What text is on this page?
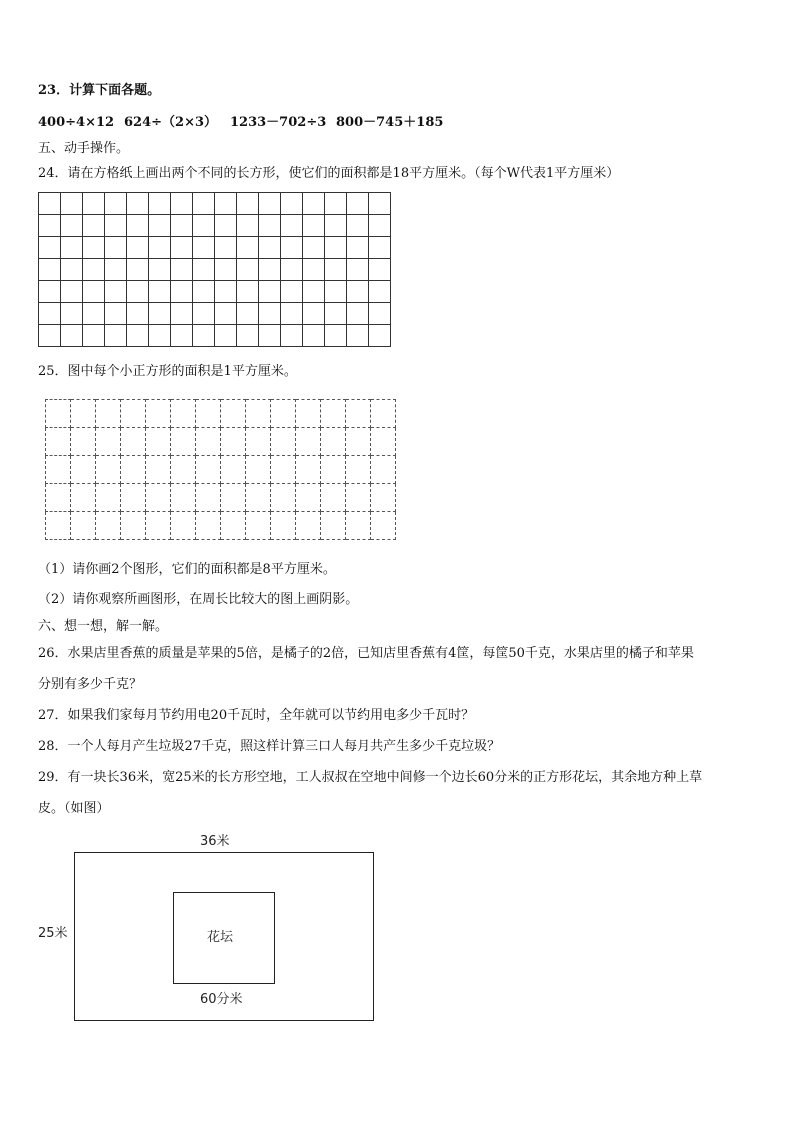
23．计算下面各题。
400÷4×12 624÷（2×3） 1233－702÷3 800－745＋185
五、动手操作。
24．请在方格纸上画出两个不同的长方形，使它们的面积都是18平方厘米。（每个W代表1平方厘米）

25．图中每个小正方形的面积是1平方厘米。

（1）请你画2个图形，它们的面积都是8平方厘米。
（2）请你观察所画图形，在周长比较大的图上画阴影。
六、想一想，解一解。
26．水果店里香蕉的质量是苹果的5倍，是橘子的2倍，已知店里香蕉有4筐，每筐50千克，水果店里的橘子和苹果
分别有多少千克？
27．如果我们家每月节约用电20千瓦时，全年就可以节约用电多少千瓦时？
28．一个人每月产生垃圾27千克，照这样计算三口人每月共产生多少千克垃圾？
29．有一块长36米，宽25米的长方形空地，工人叔叔在空地中间修一个边长60分米的正方形花坛，其余地方种上草
皮。（如图）
36米
25米	花坛
60分米
